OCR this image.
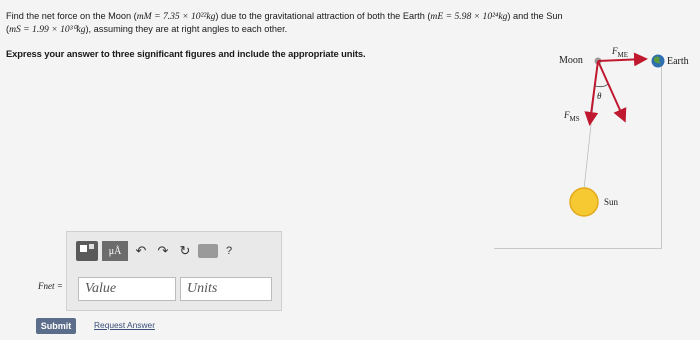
Find the net force on the Moon (mM = 7.35 × 10²²kg) due to the gravitational attraction of both the Earth (mE = 5.98 × 10²⁴kg) and the Sun
(mS = 1.99 × 10³⁰kg), assuming they are at right angles to each other.
Express your answer to three significant figures and include the appropriate units.
Moon	Earth
Sun
$F_{ME}$
$F_{MS}$
θ
μÅ	↶ ↷ ↻	?
Fnet =	Value	Units
Submit	Request Answer
